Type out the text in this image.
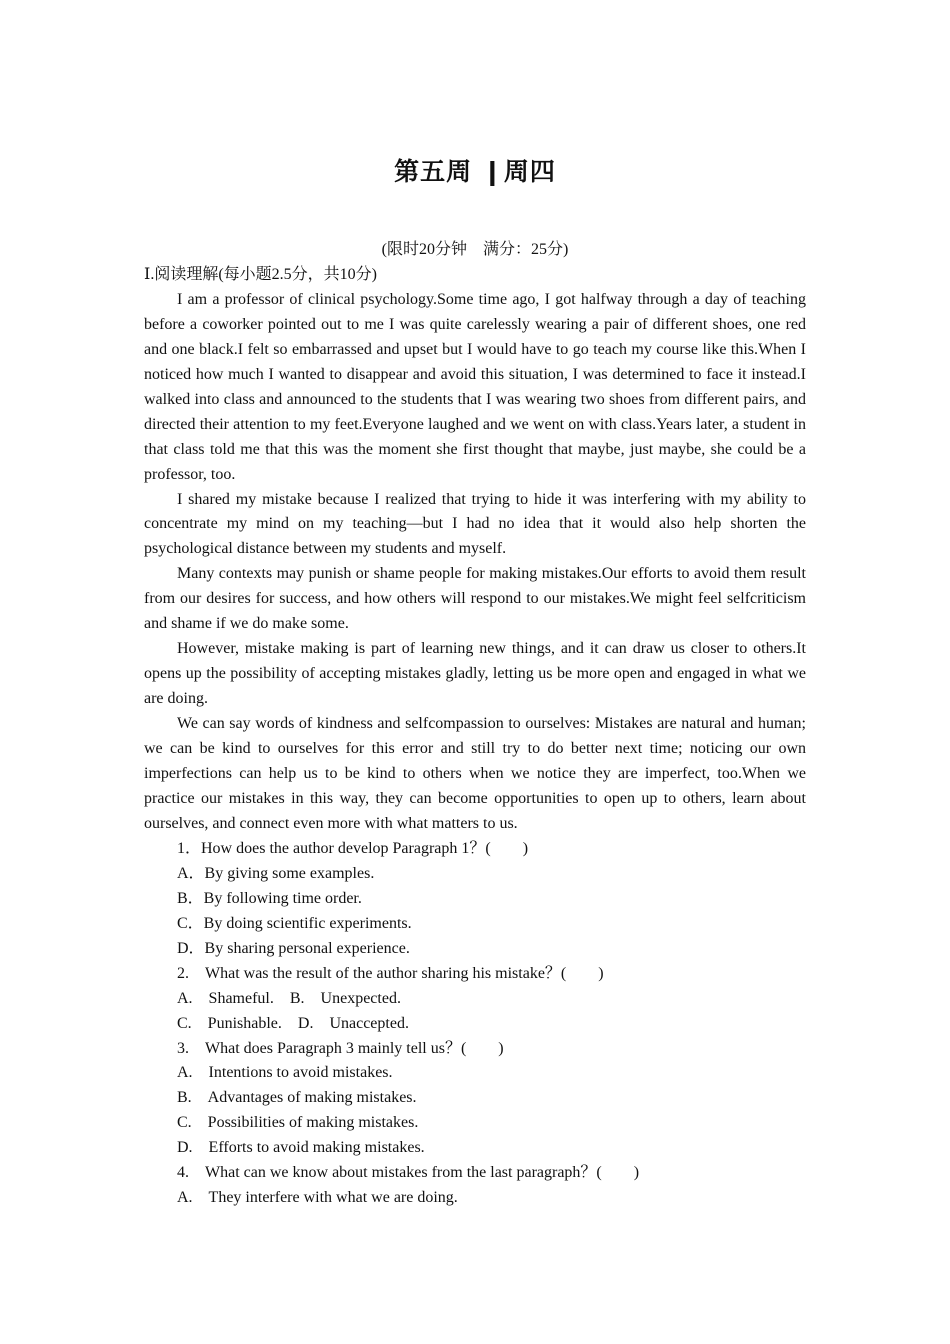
第五周 ❙周四

(限时20分钟　满分：25分)

Ⅰ.阅读理解(每小题2.5分，共10分)

I am a professor of clinical psychology.Some time ago, I got halfway through a day of teaching before a coworker pointed out to me I was quite carelessly wearing a pair of different shoes, one red and one black.I felt so embarrassed and upset but I would have to go teach my course like this.When I noticed how much I wanted to disappear and avoid this situation, I was determined to face it instead.I walked into class and announced to the students that I was wearing two shoes from different pairs, and directed their attention to my feet.Everyone laughed and we went on with class.Years later, a student in that class told me that this was the moment she first thought that maybe, just maybe, she could be a professor, too.

I shared my mistake because I realized that trying to hide it was interfering with my ability to concentrate my mind on my teaching—but I had no idea that it would also help shorten the psychological distance between my students and myself.

Many contexts may punish or shame people for making mistakes.Our efforts to avoid them result from our desires for success, and how others will respond to our mistakes.We might feel selfcriticism and shame if we do make some.

However, mistake making is part of learning new things, and it can draw us closer to others.It opens up the possibility of accepting mistakes gladly, letting us be more open and engaged in what we are doing.

We can say words of kindness and selfcompassion to ourselves: Mistakes are natural and human; we can be kind to ourselves for this error and still try to do better next time; noticing our own imperfections can help us to be kind to others when we notice they are imperfect, too.When we practice our mistakes in this way, they can become opportunities to open up to others, learn about ourselves, and connect even more with what matters to us.

1．How does the author develop Paragraph 1？(　　)

A．By giving some examples.

B．By following time order.

C．By doing scientific experiments.

D．By sharing personal experience.

2.　What was the result of the author sharing his mistake？(　　)

A.　Shameful.　B.　Unexpected.

C.　Punishable.　D.　Unaccepted.

3.　What does Paragraph 3 mainly tell us？(　　)

A.　Intentions to avoid mistakes.

B.　Advantages of making mistakes.

C.　Possibilities of making mistakes.

D.　Efforts to avoid making mistakes.

4.　What can we know about mistakes from the last paragraph？(　　)

A.　They interfere with what we are doing.
